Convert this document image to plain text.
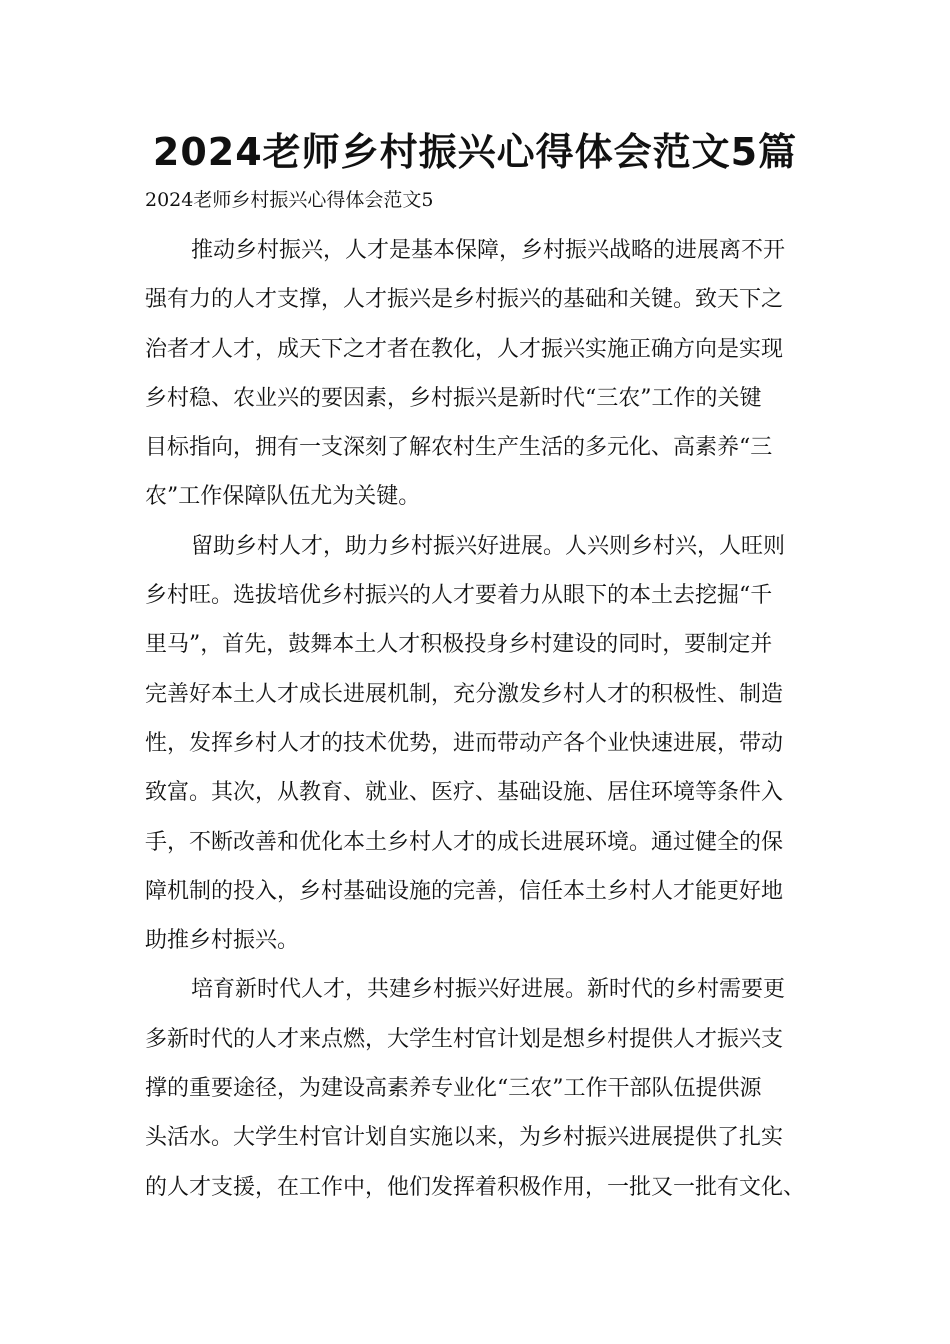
2024老师乡村振兴心得体会范文5篇

2024老师乡村振兴心得体会范文5

推动乡村振兴，人才是基本保障，乡村振兴战略的进展离不开
强有力的人才支撑，人才振兴是乡村振兴的基础和关键。致天下之
治者才人才，成天下之才者在教化，人才振兴实施正确方向是实现
乡村稳、农业兴的要因素，乡村振兴是新时代“三农”工作的关键
目标指向，拥有一支深刻了解农村生产生活的多元化、高素养“三
农”工作保障队伍尤为关键。
留助乡村人才，助力乡村振兴好进展。人兴则乡村兴，人旺则
乡村旺。选拔培优乡村振兴的人才要着力从眼下的本土去挖掘“千
里马”，首先，鼓舞本土人才积极投身乡村建设的同时，要制定并
完善好本土人才成长进展机制，充分激发乡村人才的积极性、制造
性，发挥乡村人才的技术优势，进而带动产各个业快速进展，带动
致富。其次，从教育、就业、医疗、基础设施、居住环境等条件入
手，不断改善和优化本土乡村人才的成长进展环境。通过健全的保
障机制的投入，乡村基础设施的完善，信任本土乡村人才能更好地
助推乡村振兴。
培育新时代人才，共建乡村振兴好进展。新时代的乡村需要更
多新时代的人才来点燃，大学生村官计划是想乡村提供人才振兴支
撑的重要途径，为建设高素养专业化“三农”工作干部队伍提供源
头活水。大学生村官计划自实施以来，为乡村振兴进展提供了扎实
的人才支援，在工作中，他们发挥着积极作用，一批又一批有文化、
